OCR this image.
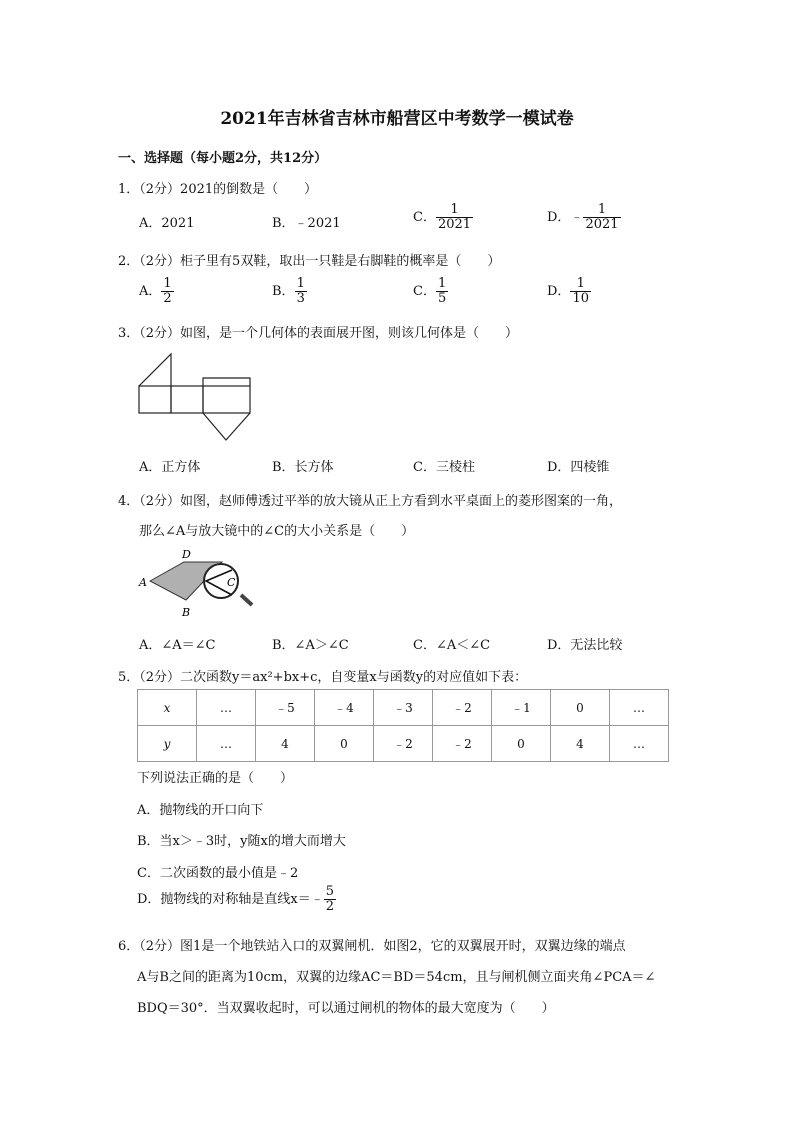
2021年吉林省吉林市船营区中考数学一模试卷
一、选择题（每小题2分，共12分）
1．（2分）2021的倒数是（　　）
A．2021	B．﹣2021	C． $\frac{1}{2021}$	D．﹣ $\frac{1}{2021}$
2．（2分）柜子里有5双鞋，取出一只鞋是右脚鞋的概率是（　　）
A． $\frac{1}{2}$	B． $\frac{1}{3}$	C． $\frac{1}{5}$	D． $\frac{1}{10}$
3．（2分）如图，是一个几何体的表面展开图，则该几何体是（　　）
A．正方体	B．长方体	C．三棱柱	D．四棱锥
4．（2分）如图，赵师傅透过平举的放大镜从正上方看到水平桌面上的菱形图案的一角，
那么∠A与放大镜中的∠C的大小关系是（　　）
A
D
B
C
A．∠A＝∠C	B．∠A＞∠C	C．∠A＜∠C	D．无法比较
5．（2分）二次函数y＝ax²+bx+c，自变量x与函数y的对应值如下表：
x	…	﹣5	﹣4	﹣3	﹣2	﹣1	0	…
y	…	4	0	﹣2	﹣2	0	4	…
下列说法正确的是（　　）
A．抛物线的开口向下
B．当x＞﹣3时，y随x的增大而增大
C．二次函数的最小值是﹣2
D．抛物线的对称轴是直线x＝﹣ $\frac{5}{2}$
6．（2分）图1是一个地铁站入口的双翼闸机．如图2，它的双翼展开时，双翼边缘的端点
A与B之间的距离为10cm，双翼的边缘AC＝BD＝54cm，且与闸机侧立面夹角∠PCA＝∠
BDQ＝30°．当双翼收起时，可以通过闸机的物体的最大宽度为（　　）
